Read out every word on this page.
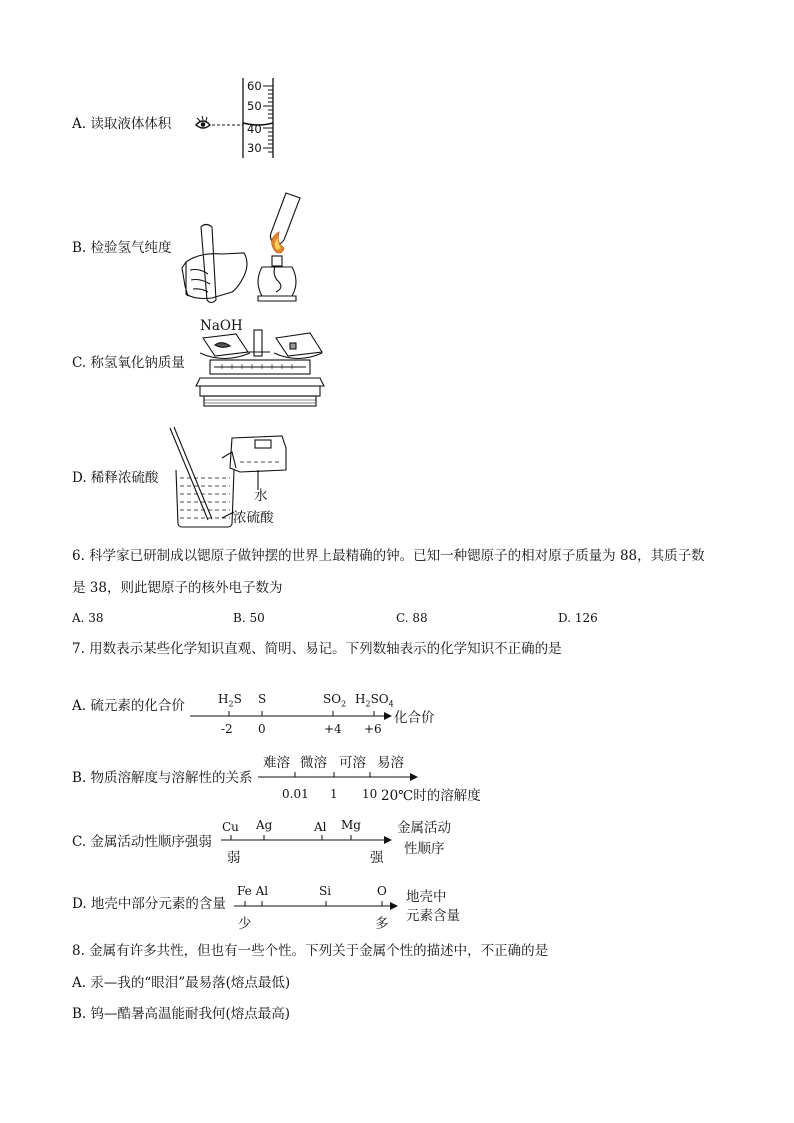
A. 读取液体体积
60
50
40
30
B. 检验氢气纯度
C. 称氢氧化钠质量
NaOH
D. 稀释浓硫酸
水
浓硫酸
6. 科学家已研制成以锶原子做钟摆的世界上最精确的钟。已知一种锶原子的相对原子质量为 88，其质子数
是 38，则此锶原子的核外电子数为
A. 38	B. 50	C. 88	D. 126
7. 用数表示某些化学知识直观、简明、易记。下列数轴表示的化学知识不正确的是
A. 硫元素的化合价	$H_2S$ S	$SO_2$ $H_2SO_4$
-2 0	+4 +6
化合价
B. 物质溶解度与溶解性的关系
难溶 微溶 可溶 易溶
0.01 1 10 20℃时的溶解度
C. 金属活动性顺序强弱
Cu Ag	Al Mg
弱	强
金属活动
性顺序
D. 地壳中部分元素的含量
Fe Al	Si	O
少	多
地壳中
元素含量
8. 金属有许多共性，但也有一些个性。下列关于金属个性的描述中，不正确的是
A. 汞—我的“眼泪”最易落(熔点最低)
B. 钨—酷暑高温能耐我何(熔点最高)
